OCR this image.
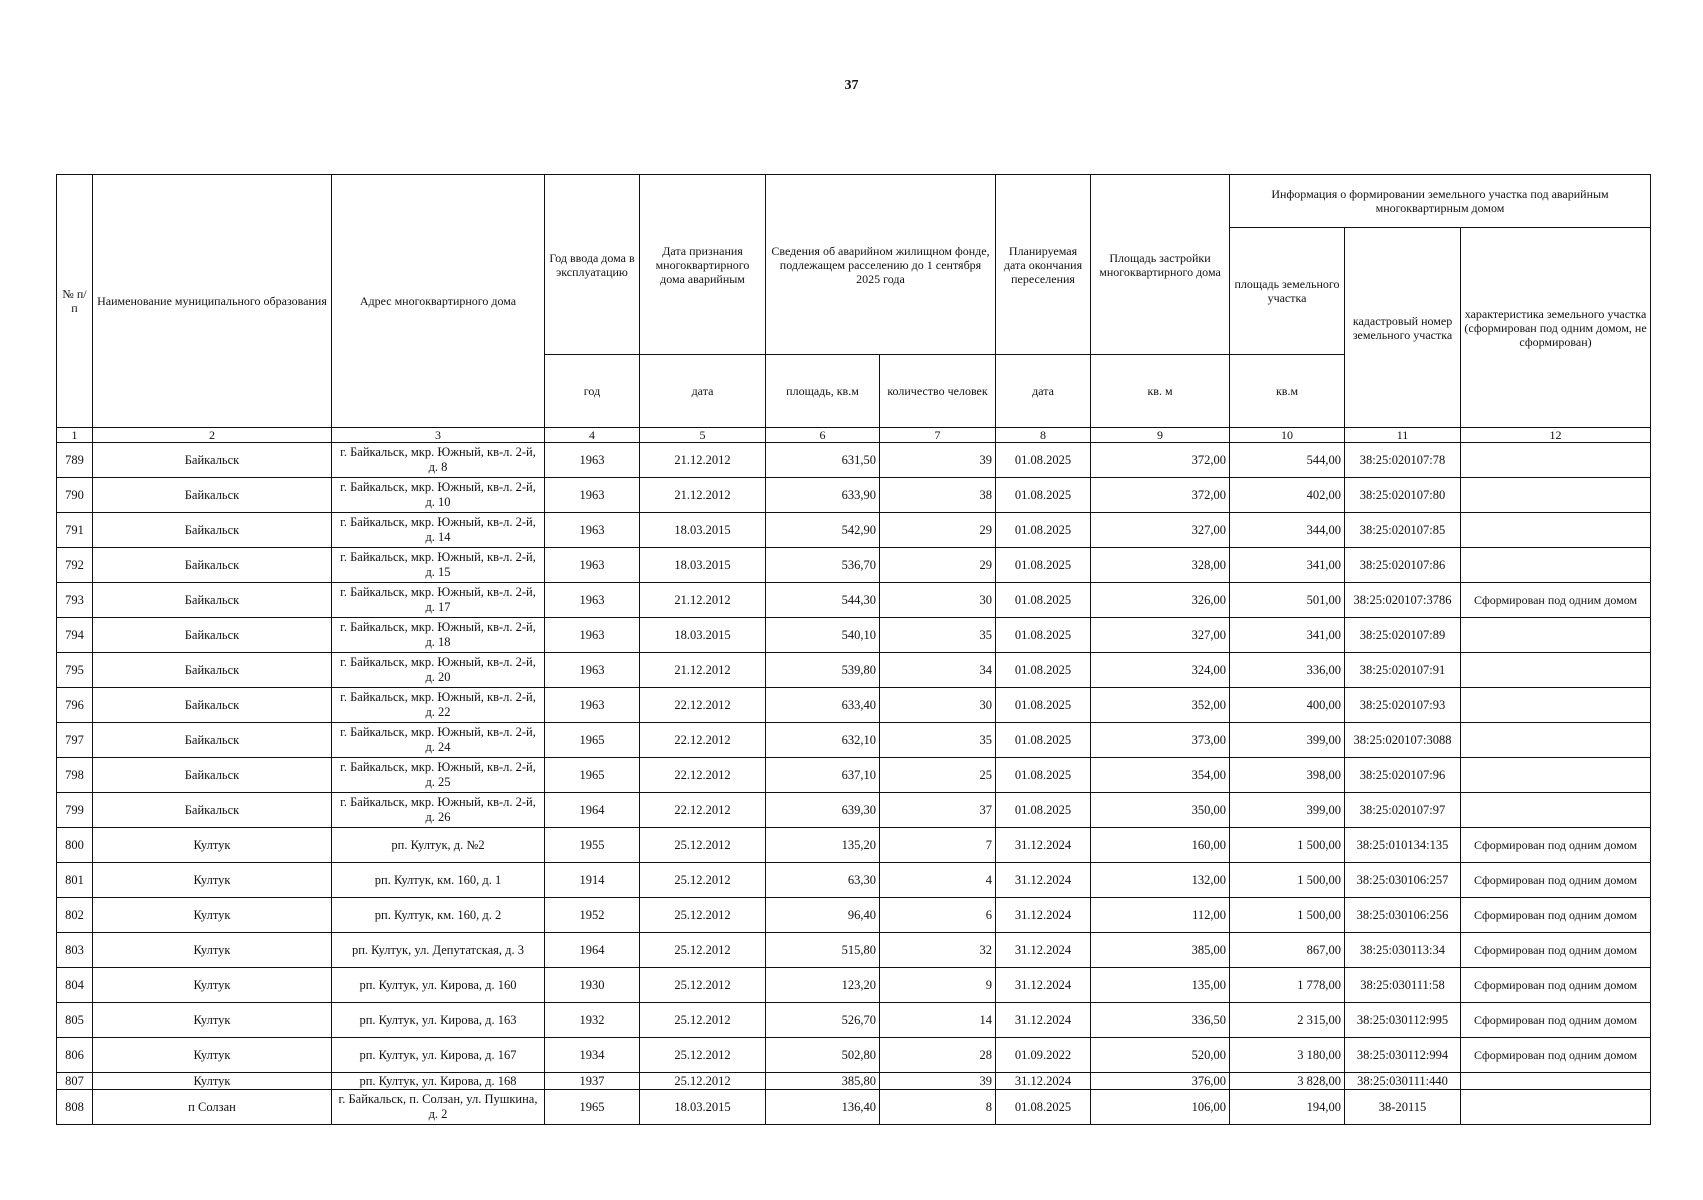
37
№ п/п	Наименование муниципального образования	Адрес многоквартирного дома	Год ввода дома в эксплуатацию	Дата признания многоквартирного дома аварийным	Сведения об аварийном жилищном фонде, подлежащем расселению до 1 сентября 2025 года		Планируемая дата окончания переселения	Площадь застройки многоквартирного дома	Информация о формировании земельного участка под аварийным многоквартирным домом		
									площадь земельного участка	кадастровый номер земельного участка	характеристика земельного участка (сформирован под одним домом, не сформирован)
			год	дата	площадь, кв.м	количество человек	дата	кв. м	кв.м		
1	2	3	4	5	6	7	8	9	10	11	12
789	Байкальск	г. Байкальск, мкр. Южный, кв-л. 2-й, д. 8	1963	21.12.2012	631,50	39	01.08.2025	372,00	544,00	38:25:020107:78	
790	Байкальск	г. Байкальск, мкр. Южный, кв-л. 2-й, д. 10	1963	21.12.2012	633,90	38	01.08.2025	372,00	402,00	38:25:020107:80	
791	Байкальск	г. Байкальск, мкр. Южный, кв-л. 2-й, д. 14	1963	18.03.2015	542,90	29	01.08.2025	327,00	344,00	38:25:020107:85	
792	Байкальск	г. Байкальск, мкр. Южный, кв-л. 2-й, д. 15	1963	18.03.2015	536,70	29	01.08.2025	328,00	341,00	38:25:020107:86	
793	Байкальск	г. Байкальск, мкр. Южный, кв-л. 2-й, д. 17	1963	21.12.2012	544,30	30	01.08.2025	326,00	501,00	38:25:020107:3786	Сформирован под одним домом
794	Байкальск	г. Байкальск, мкр. Южный, кв-л. 2-й, д. 18	1963	18.03.2015	540,10	35	01.08.2025	327,00	341,00	38:25:020107:89	
795	Байкальск	г. Байкальск, мкр. Южный, кв-л. 2-й, д. 20	1963	21.12.2012	539,80	34	01.08.2025	324,00	336,00	38:25:020107:91	
796	Байкальск	г. Байкальск, мкр. Южный, кв-л. 2-й, д. 22	1963	22.12.2012	633,40	30	01.08.2025	352,00	400,00	38:25:020107:93	
797	Байкальск	г. Байкальск, мкр. Южный, кв-л. 2-й, д. 24	1965	22.12.2012	632,10	35	01.08.2025	373,00	399,00	38:25:020107:3088	
798	Байкальск	г. Байкальск, мкр. Южный, кв-л. 2-й, д. 25	1965	22.12.2012	637,10	25	01.08.2025	354,00	398,00	38:25:020107:96	
799	Байкальск	г. Байкальск, мкр. Южный, кв-л. 2-й, д. 26	1964	22.12.2012	639,30	37	01.08.2025	350,00	399,00	38:25:020107:97	
800	Култук	рп. Култук, д. №2	1955	25.12.2012	135,20	7	31.12.2024	160,00	1 500,00	38:25:010134:135	Сформирован под одним домом
801	Култук	рп. Култук, км. 160, д. 1	1914	25.12.2012	63,30	4	31.12.2024	132,00	1 500,00	38:25:030106:257	Сформирован под одним домом
802	Култук	рп. Култук, км. 160, д. 2	1952	25.12.2012	96,40	6	31.12.2024	112,00	1 500,00	38:25:030106:256	Сформирован под одним домом
803	Култук	рп. Култук, ул. Депутатская, д. 3	1964	25.12.2012	515,80	32	31.12.2024	385,00	867,00	38:25:030113:34	Сформирован под одним домом
804	Култук	рп. Култук, ул. Кирова, д. 160	1930	25.12.2012	123,20	9	31.12.2024	135,00	1 778,00	38:25:030111:58	Сформирован под одним домом
805	Култук	рп. Култук, ул. Кирова, д. 163	1932	25.12.2012	526,70	14	31.12.2024	336,50	2 315,00	38:25:030112:995	Сформирован под одним домом
806	Култук	рп. Култук, ул. Кирова, д. 167	1934	25.12.2012	502,80	28	01.09.2022	520,00	3 180,00	38:25:030112:994	Сформирован под одним домом
807	Култук	рп. Култук, ул. Кирова, д. 168	1937	25.12.2012	385,80	39	31.12.2024	376,00	3 828,00	38:25:030111:440	
808	п Солзан	г. Байкальск, п. Солзан, ул. Пушкина, д. 2	1965	18.03.2015	136,40	8	01.08.2025	106,00	194,00	38-20115	
